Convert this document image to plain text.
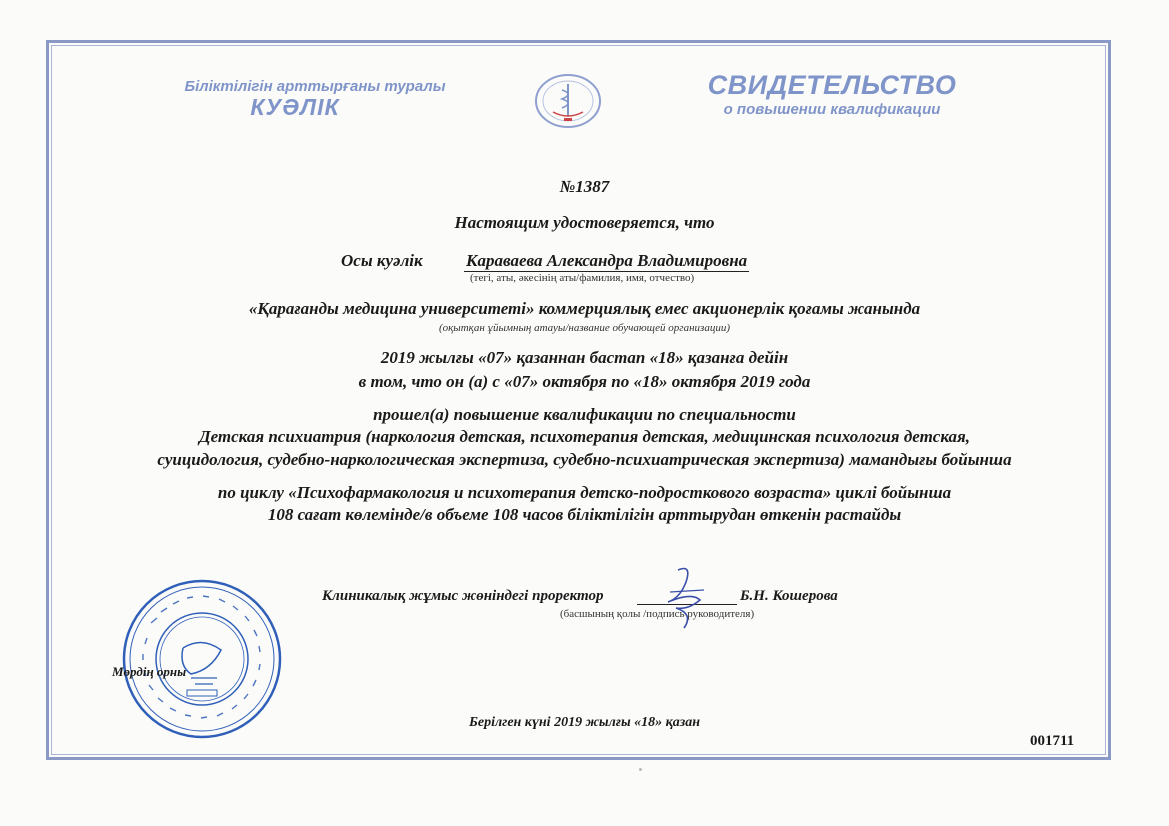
Біліктілігін арттырғаны туралы
КУӘЛІК
СВИДЕТЕЛЬСТВО
о повышении квалификации
№1387
Настоящим удостоверяется, что
Осы куәлік	Караваева Александра Владимировна
(тегі, аты, әкесінің аты/фамилия, имя, отчество)
«Қарағанды медицина университеті» коммерциялық емес акционерлік қоғамы жанында
(оқытқан ұйымның атауы/название обучающей организации)
2019 жылғы «07» қазаннан бастап «18» қазанға дейін
в том, что он (а) с «07» октября по «18» октября 2019 года
прошел(а) повышение квалификации по специальности
Детская психиатрия (наркология детская, психотерапия детская, медицинская психология детская,
суицидология, судебно-наркологическая экспертиза, судебно-психиатрическая экспертиза) мамандығы бойынша
по циклу «Психофармакология и психотерапия детско-подросткового возраста» циклі бойынша
108 сағат көлемінде/в объеме 108 часов біліктілігін арттырудан өткенін растайды
Клиникалық жұмыс жөніндегі проректор	Б.Н. Кошерова
(басшының қолы /подпись руководителя)
Мөрдің орны
Берілген күні 2019 жылғы «18» қазан
001711
